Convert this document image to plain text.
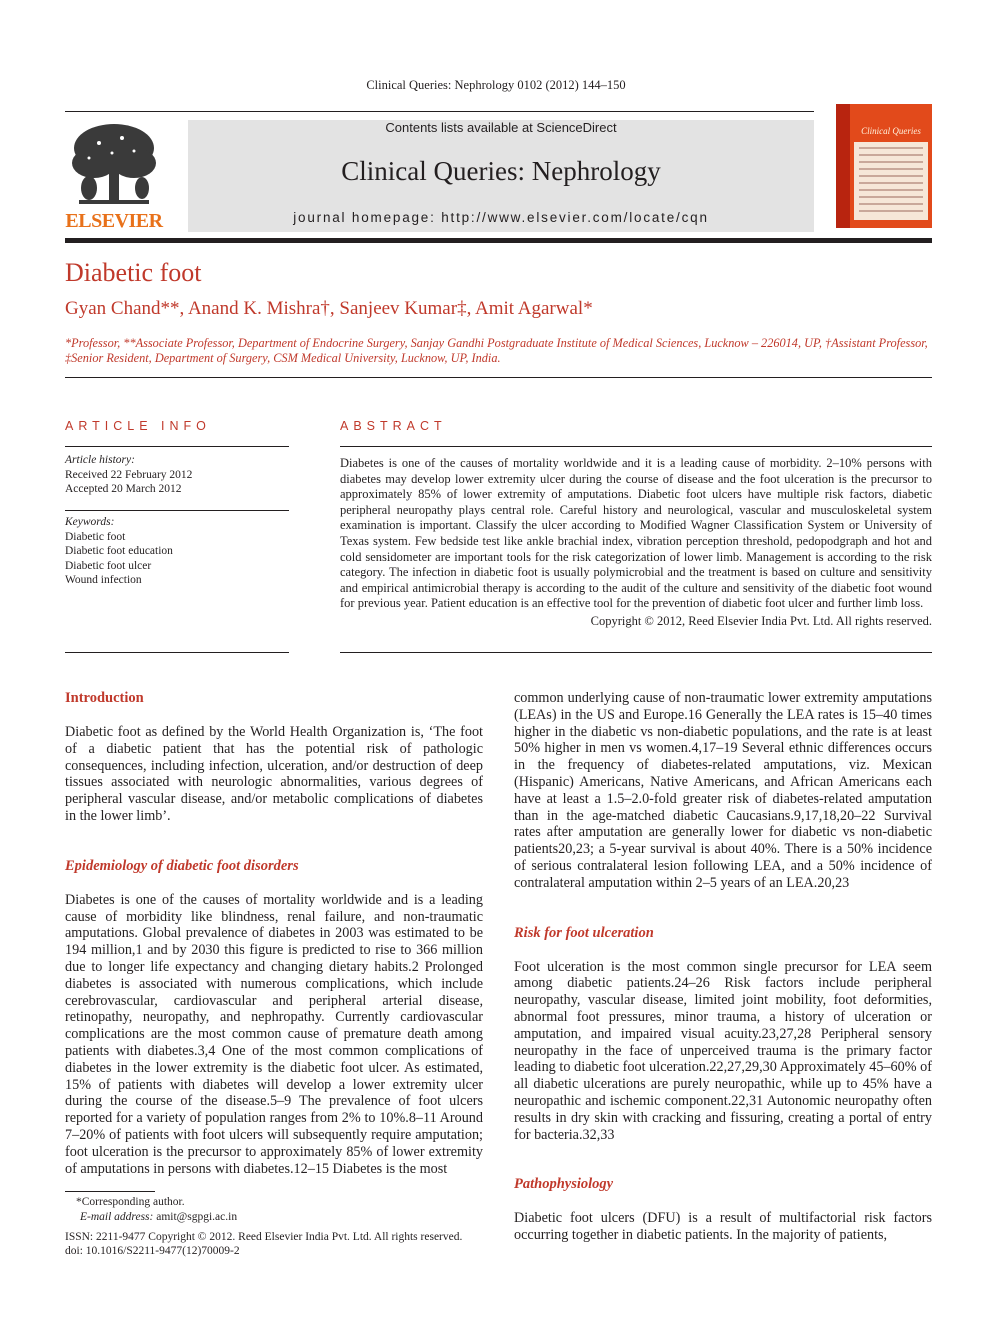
Clinical Queries: Nephrology 0102 (2012) 144–150
ELSEVIER
Contents lists available at ScienceDirect
Clinical Queries: Nephrology
journal homepage: http://www.elsevier.com/locate/cqn
Clinical Queries
Diabetic foot
Gyan Chand**, Anand K. Mishra†, Sanjeev Kumar‡, Amit Agarwal*
*Professor, **Associate Professor, Department of Endocrine Surgery, Sanjay Gandhi Postgraduate Institute of Medical Sciences, Lucknow – 226014, UP, †Assistant Professor, ‡Senior Resident, Department of Surgery, CSM Medical University, Lucknow, UP, India.
ARTICLE INFO
Article history:
Received 22 February 2012
Accepted 20 March 2012
Keywords:
Diabetic foot
Diabetic foot education
Diabetic foot ulcer
Wound infection
ABSTRACT
Diabetes is one of the causes of mortality worldwide and it is a leading cause of morbidity. 2–10% persons with diabetes may develop lower extremity ulcer during the course of disease and the foot ulceration is the precursor to approximately 85% of lower extremity of amputations. Diabetic foot ulcers have multiple risk factors, diabetic peripheral neuropathy plays central role. Careful history and neurological, vascular and musculoskeletal system examination is important. Classify the ulcer according to Modified Wagner Classification System or University of Texas system. Few bedside test like ankle brachial index, vibration perception threshold, pedopodgraph and hot and cold sensidometer are important tools for the risk categorization of lower limb. Management is according to the risk category. The infection in diabetic foot is usually polymicrobial and the treatment is based on culture and sensitivity and empirical antimicrobial therapy is according to the audit of the culture and sensitivity of the diabetic foot wound for previous year. Patient education is an effective tool for the prevention of diabetic foot ulcer and further limb loss.
Copyright © 2012, Reed Elsevier India Pvt. Ltd. All rights reserved.
Introduction
Diabetic foot as defined by the World Health Organization is, ‘The foot of a diabetic patient that has the potential risk of pathologic consequences, including infection, ulceration, and/or destruction of deep tissues associated with neurologic abnormalities, various degrees of peripheral vascular disease, and/or metabolic complications of diabetes in the lower limb’.
Epidemiology of diabetic foot disorders
Diabetes is one of the causes of mortality worldwide and is a leading cause of morbidity like blindness, renal failure, and non-traumatic amputations. Global prevalence of diabetes in 2003 was estimated to be 194 million,1 and by 2030 this figure is predicted to rise to 366 million due to longer life expectancy and changing dietary habits.2 Prolonged diabetes is associated with numerous complications, which include cerebrovascular, cardiovascular and peripheral arterial disease, retinopathy, neuropathy, and nephropathy. Currently cardiovascular complications are the most common cause of premature death among patients with diabetes.3,4 One of the most common complications of diabetes in the lower extremity is the diabetic foot ulcer. As estimated, 15% of patients with diabetes will develop a lower extremity ulcer during the course of the disease.5–9 The prevalence of foot ulcers reported for a variety of population ranges from 2% to 10%.8–11 Around 7–20% of patients with foot ulcers will subsequently require amputation; foot ulceration is the precursor to approximately 85% of lower extremity of amputations in persons with diabetes.12–15 Diabetes is the most
common underlying cause of non-traumatic lower extremity amputations (LEAs) in the US and Europe.16 Generally the LEA rates is 15–40 times higher in the diabetic vs non-diabetic populations, and the rate is at least 50% higher in men vs women.4,17–19 Several ethnic differences occurs in the frequency of diabetes-related amputations, viz. Mexican (Hispanic) Americans, Native Americans, and African Americans each have at least a 1.5–2.0-fold greater risk of diabetes-related amputation than in the age-matched diabetic Caucasians.9,17,18,20–22 Survival rates after amputation are generally lower for diabetic vs non-diabetic patients20,23; a 5-year survival is about 40%. There is a 50% incidence of serious contralateral lesion following LEA, and a 50% incidence of contralateral amputation within 2–5 years of an LEA.20,23
Risk for foot ulceration
Foot ulceration is the most common single precursor for LEA seem among diabetic patients.24–26 Risk factors include peripheral neuropathy, vascular disease, limited joint mobility, foot deformities, abnormal foot pressures, minor trauma, a history of ulceration or amputation, and impaired visual acuity.23,27,28 Peripheral sensory neuropathy in the face of unperceived trauma is the primary factor leading to diabetic foot ulceration.22,27,29,30 Approximately 45–60% of all diabetic ulcerations are purely neuropathic, while up to 45% have a neuropathic and ischemic component.22,31 Autonomic neuropathy often results in dry skin with cracking and fissuring, creating a portal of entry for bacteria.32,33
Pathophysiology
Diabetic foot ulcers (DFU) is a result of multifactorial risk factors occurring together in diabetic patients. In the majority of patients,
*Corresponding author.
E-mail address: amit@sgpgi.ac.in
ISSN: 2211-9477 Copyright © 2012. Reed Elsevier India Pvt. Ltd. All rights reserved.
doi: 10.1016/S2211-9477(12)70009-2
